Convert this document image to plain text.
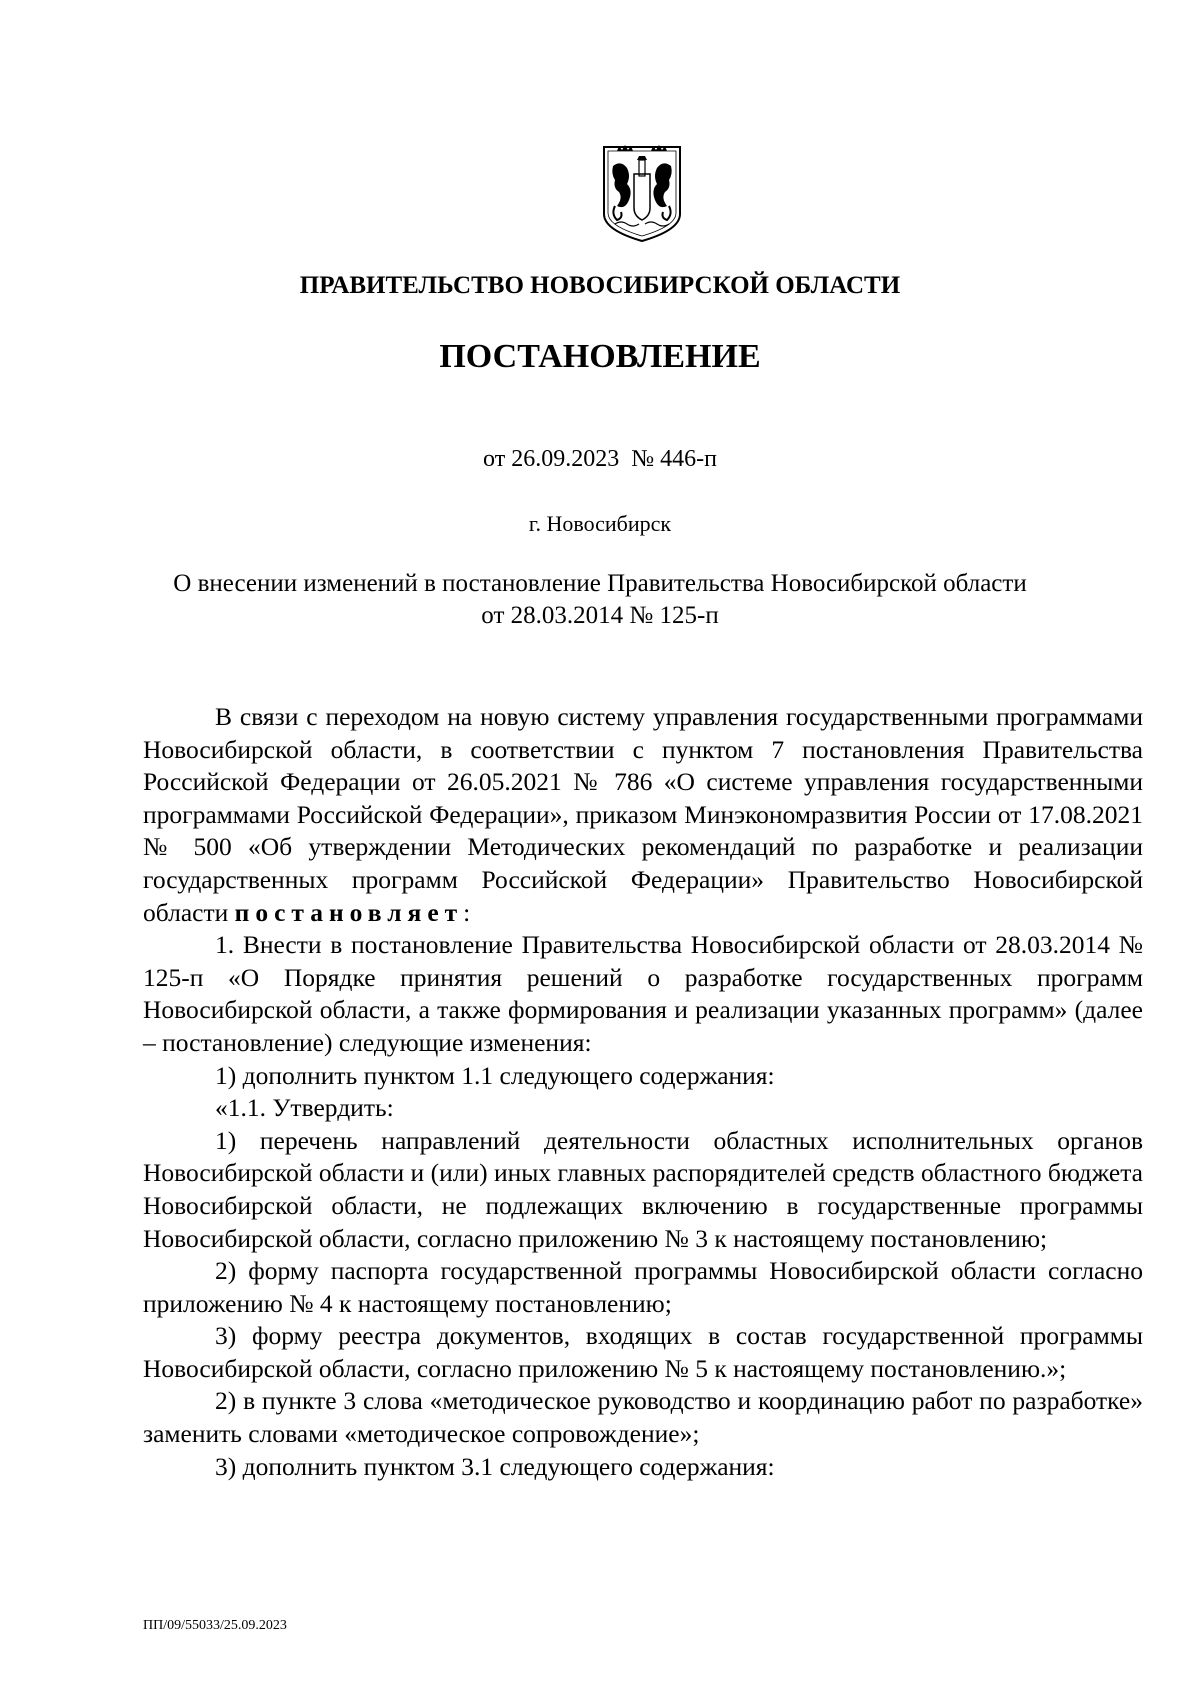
ПРАВИТЕЛЬСТВО НОВОСИБИРСКОЙ ОБЛАСТИ
ПОСТАНОВЛЕНИЕ
от 26.09.2023  № 446-п
г. Новосибирск
О внесении изменений в постановление Правительства Новосибирской области
от 28.03.2014 № 125-п

В связи с переходом на новую систему управления государственными программами Новосибирской области, в соответствии с пунктом 7 постановления Правительства Российской Федерации от 26.05.2021 № 786 «О системе управления государственными программами Российской Федерации», приказом Минэкономразвития России от 17.08.2021 № 500 «Об утверждении Методических рекомендаций по разработке и реализации государственных программ Российской Федерации» Правительство Новосибирской области постановляет:

1. Внести в постановление Правительства Новосибирской области от 28.03.2014 № 125-п «О Порядке принятия решений о разработке государственных программ Новосибирской области, а также формирования и реализации указанных программ» (далее – постановление) следующие изменения:

1) дополнить пунктом 1.1 следующего содержания:

«1.1. Утвердить:

1) перечень направлений деятельности областных исполнительных органов Новосибирской области и (или) иных главных распорядителей средств областного бюджета Новосибирской области, не подлежащих включению в государственные программы Новосибирской области, согласно приложению № 3 к настоящему постановлению;

2) форму паспорта государственной программы Новосибирской области согласно приложению № 4 к настоящему постановлению;

3) форму реестра документов, входящих в состав государственной программы Новосибирской области, согласно приложению № 5 к настоящему постановлению.»;

2) в пункте 3 слова «методическое руководство и координацию работ по разработке» заменить словами «методическое сопровождение»;

3) дополнить пунктом 3.1 следующего содержания:

ПП/09/55033/25.09.2023
